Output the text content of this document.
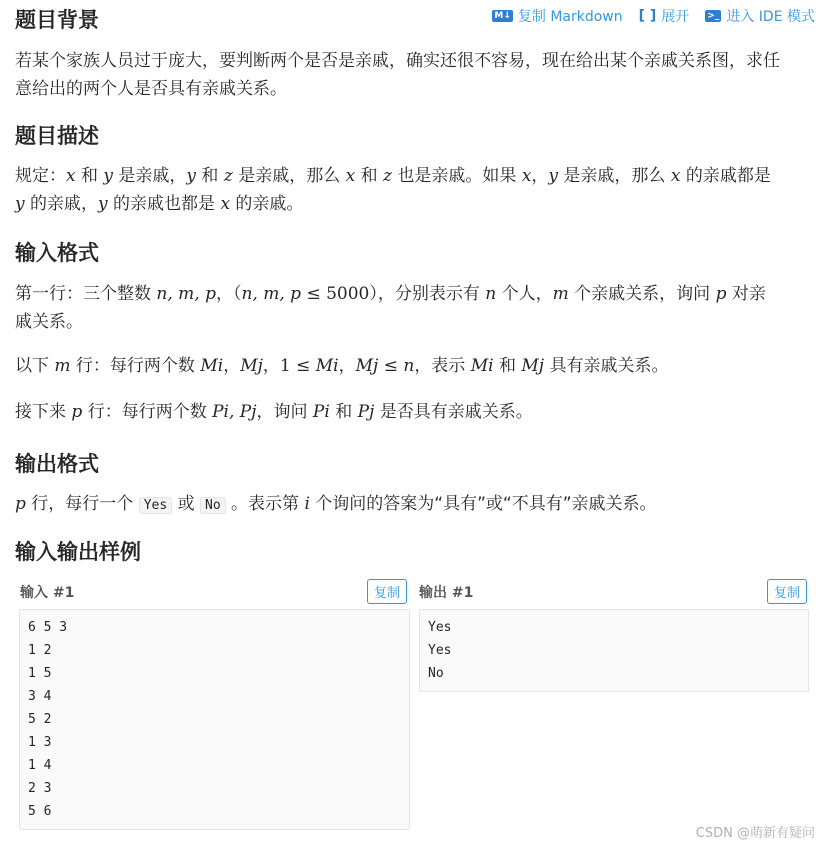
M↓ 复制 Markdown [ ] 展开 >_ 进入 IDE 模式
题目背景
若某个家族人员过于庞大，要判断两个是否是亲戚，确实还很不容易，现在给出某个亲戚关系图，求任
意给出的两个人是否具有亲戚关系。
题目描述
规定：x 和 y 是亲戚，y 和 z 是亲戚，那么 x 和 z 也是亲戚。如果 x，y 是亲戚，那么 x 的亲戚都是
y 的亲戚，y 的亲戚也都是 x 的亲戚。
输入格式
第一行：三个整数 n, m, p，（n, m, p ≤ 5000），分别表示有 n 个人，m 个亲戚关系，询问 p 对亲
戚关系。
以下 m 行：每行两个数 Mi，Mj，1 ≤ Mi，Mj ≤ n，表示 Mi 和 Mj 具有亲戚关系。
接下来 p 行：每行两个数 Pi, Pj，询问 Pi 和 Pj 是否具有亲戚关系。
输出格式
p 行，每行一个 Yes 或 No 。表示第 i 个询问的答案为“具有”或“不具有”亲戚关系。
输入输出样例
输入 #1	复制
6 5 3
1 2
1 5
3 4
5 2
1 3
1 4
2 3
5 6
输出 #1	复制
Yes
Yes
No
CSDN @萌新有疑问
